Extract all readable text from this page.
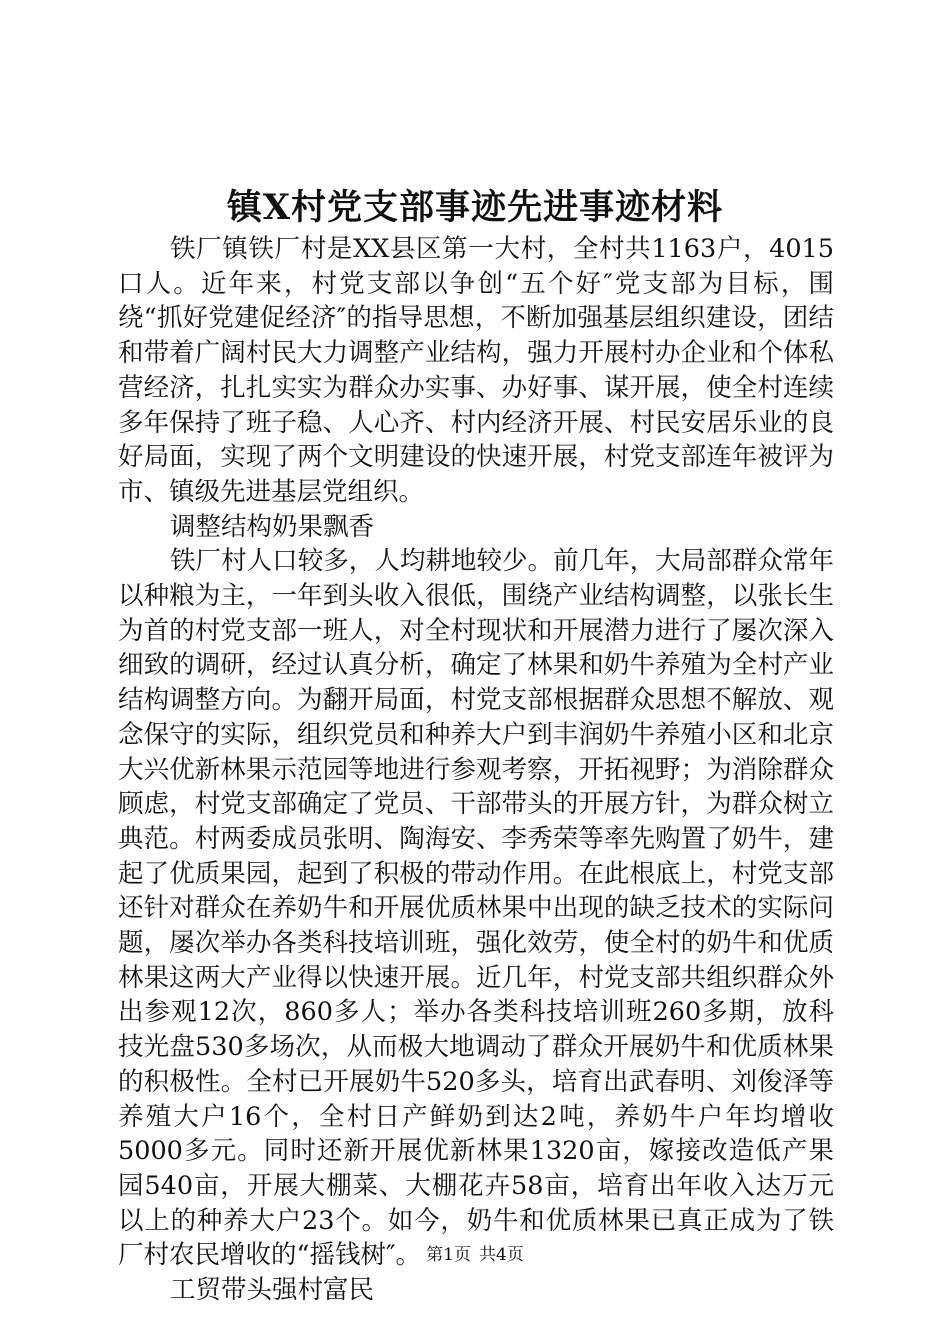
镇X村党支部事迹先进事迹材料

铁厂镇铁厂村是XX县区第一大村，全村共1163户，4015口人。近年来，村党支部以争创“五个好″党支部为目标，围绕“抓好党建促经济″的指导思想，不断加强基层组织建设，团结和带着广阔村民大力调整产业结构，强力开展村办企业和个体私营经济，扎扎实实为群众办实事、办好事、谋开展，使全村连续多年保持了班子稳、人心齐、村内经济开展、村民安居乐业的良好局面，实现了两个文明建设的快速开展，村党支部连年被评为市、镇级先进基层党组织。

调整结构奶果飘香

铁厂村人口较多，人均耕地较少。前几年，大局部群众常年以种粮为主，一年到头收入很低，围绕产业结构调整，以张长生为首的村党支部一班人，对全村现状和开展潜力进行了屡次深入细致的调研，经过认真分析，确定了林果和奶牛养殖为全村产业结构调整方向。为翻开局面，村党支部根据群众思想不解放、观念保守的实际，组织党员和种养大户到丰润奶牛养殖小区和北京大兴优新林果示范园等地进行参观考察，开拓视野；为消除群众顾虑，村党支部确定了党员、干部带头的开展方针，为群众树立典范。村两委成员张明、陶海安、李秀荣等率先购置了奶牛，建起了优质果园，起到了积极的带动作用。在此根底上，村党支部还针对群众在养奶牛和开展优质林果中出现的缺乏技术的实际问题，屡次举办各类科技培训班，强化效劳，使全村的奶牛和优质林果这两大产业得以快速开展。近几年，村党支部共组织群众外出参观12次，860多人；举办各类科技培训班260多期，放科技光盘530多场次，从而极大地调动了群众开展奶牛和优质林果的积极性。全村已开展奶牛520多头，培育出武春明、刘俊泽等养殖大户16个，全村日产鲜奶到达2吨，养奶牛户年均增收5000多元。同时还新开展优新林果1320亩，嫁接改造低产果园540亩，开展大棚菜、大棚花卉58亩，培育出年收入达万元以上的种养大户23个。如今，奶牛和优质林果已真正成为了铁厂村农民增收的“摇钱树″。

工贸带头强村富民

第1页 共4页
